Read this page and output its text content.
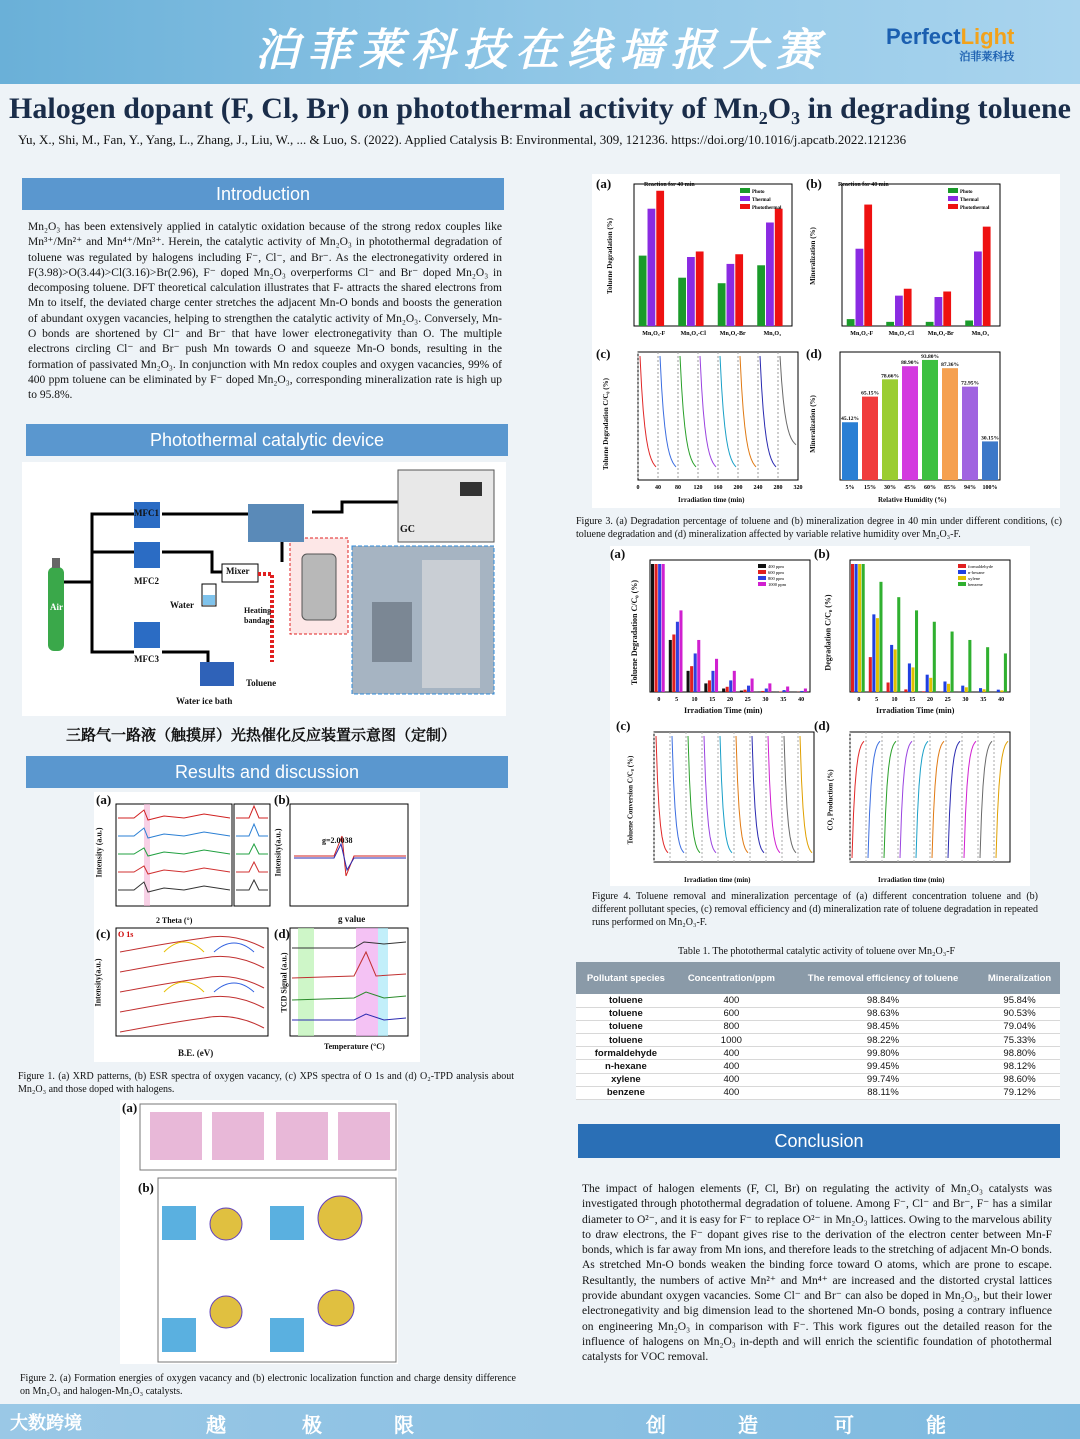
泊菲莱科技在线墙报大赛	PerfectLight
泊菲莱科技
Halogen dopant (F, Cl, Br) on photothermal activity of Mn₂O₃ in degrading toluene
Yu, X., Shi, M., Fan, Y., Yang, L., Zhang, J., Liu, W., ... & Luo, S. (2022). Applied Catalysis B: Environmental, 309, 121236. https://doi.org/10.1016/j.apcatb.2022.121236
Introduction
Mn₂O₃ has been extensively applied in catalytic oxidation because of the strong redox couples like Mn³⁺/Mn²⁺ and Mn⁴⁺/Mn³⁺. Herein, the catalytic activity of Mn₂O₃ in photothermal degradation of toluene was regulated by halogens including F⁻, Cl⁻, and Br⁻. As the electronegativity ordered in F(3.98)>O(3.44)>Cl(3.16)>Br(2.96), F⁻ doped Mn₂O₃ overperforms Cl⁻ and Br⁻ doped Mn₂O₃ in decomposing toluene. DFT theoretical calculation illustrates that F- attracts the shared electrons from Mn to itself, the deviated charge center stretches the adjacent Mn-O bonds and boosts the generation of abundant oxygen vacancies, helping to strengthen the catalytic activity of Mn₂O₃. Conversely, Mn-O bonds are shortened by Cl⁻ and Br⁻ that have lower electronegativity than O. The multiple electrons circling Cl⁻ and Br⁻ push Mn towards O and squeeze Mn-O bonds, resulting in the formation of passivated Mn₂O₃. In conjunction with Mn redox couples and oxygen vacancies, 99% of 400 ppm toluene can be eliminated by F⁻ doped Mn₂O₃, corresponding mineralization rate is high up to 95.8%.
Photothermal catalytic device
MFC1
MFC2
MFC3
Air	Water
Mixer
Heating bandage
Toluene
Water ice bath
GC
三路气一路液（触摸屏）光热催化反应装置示意图（定制）
Results and discussion
(a)	(b)
(c)	(d)
2 Theta (°)
Intensity (a.u.)
g value
Intensity(a.u.)	g=2.0038
B.E. (eV)
Intensity(a.u.)
O 1s
Temperature (°C)
TCD Signal (a.u.)
Figure 1. (a) XRD patterns, (b) ESR spectra of oxygen vacancy, (c) XPS spectra of O 1s and (d) O₂-TPD analysis about Mn₂O₃ and those doped with halogens.
(a)
(b)
Figure 2. (a) Formation energies of oxygen vacancy and (b) electronic localization function and charge density difference on Mn₂O₃ and halogen-Mn₂O₃ catalysts.
Mn₂O₃-F	Mn₂O₃-Cl Mn₂O₃-Br	Mn₂O₃
Photo
Thermal
Photothermal
Mn₂O₃-F	Mn₂O₃-Cl Mn₂O₃-Br	Mn₂O₃
Photo
Thermal
Photothermal
0	40 80 120 160 200 240 280 320
45.12%
5%
65.15%
15%
78.66%
30%
88.90%
45%
93.80%
60%
87.36%
85%
72.95%
94%
30.15%
100%
(a)	(b)
(c)	(d)
Reaction for 40 min	Reaction for 40 min
Toluene Degradation (%)	Mineralization (%)
Toluene Degradation C/C₀ (%)
Irradiation time (min)
Mineralization (%)
Relative Humidity (%)
Figure 3. (a) Degradation percentage of toluene and (b) mineralization degree in 40 min under different conditions, (c) toluene degradation and (d) mineralization affected by variable relative humidity over Mn₂O₃-F.
0 5 10 15 20 25 30 35 40
400 ppm
600 ppm
800 ppm
1000 ppm
0 5 10 15 20 25 30 35 40
formaldehyde
n-hexane
xylene
benzene
(a)	(b)
(c)	(d)
Toluene Degradation C/C₀ (%)
Irradiation Time (min)
Degradation C/C₀ (%)
Irradiation Time (min)
Toluene Conversion C/C₀ (%)
Irradiation time (min)
CO₂ Production (%)
Irradiation time (min)
Figure 4. Toluene removal and mineralization percentage of (a) different concentration toluene and (b) different pollutant species, (c) removal efficiency and (d) mineralization rate of toluene degradation in repeated runs performed on Mn₂O₃-F.
Table 1. The photothermal catalytic activity of toluene over Mn₂O₃-F
Pollutant species	Concentration/ppm	The removal efficiency of toluene	Mineralization
toluene	400	98.84%	95.84%
toluene	600	98.63%	90.53%
toluene	800	98.45%	79.04%
toluene	1000	98.22%	75.33%
formaldehyde	400	99.80%	98.80%
n-hexane	400	99.45%	98.12%
xylene	400	99.74%	98.60%
benzene	400	88.11%	79.12%
Conclusion
The impact of halogen elements (F, Cl, Br) on regulating the activity of Mn₂O₃ catalysts was investigated through photothermal degradation of toluene. Among F⁻, Cl⁻ and Br⁻, F⁻ has a similar diameter to O²⁻, and it is easy for F⁻ to replace O²⁻ in Mn₂O₃ lattices. Owing to the marvelous ability to draw electrons, the F⁻ dopant gives rise to the derivation of the electron center between Mn-F bonds, which is far away from Mn ions, and therefore leads to the stretching of adjacent Mn-O bonds. As stretched Mn-O bonds weaken the binding force toward O atoms, which are prone to escape. Resultantly, the numbers of active Mn²⁺ and Mn⁴⁺ are increased and the distorted crystal lattices provide abundant oxygen vacancies. Some Cl⁻ and Br⁻ can also be doped in Mn₂O₃, but their lower electronegativity and big dimension lead to the shortened Mn-O bonds, posing a contrary influence on engineering Mn₂O₃ in comparison with F⁻. This work figures out the detailed reason for the influence of halogens on Mn₂O₃ in-depth and will enrich the scientific foundation of photothermal catalysts for VOC removal.
大数跨境	越	极	限	创	造	可	能
